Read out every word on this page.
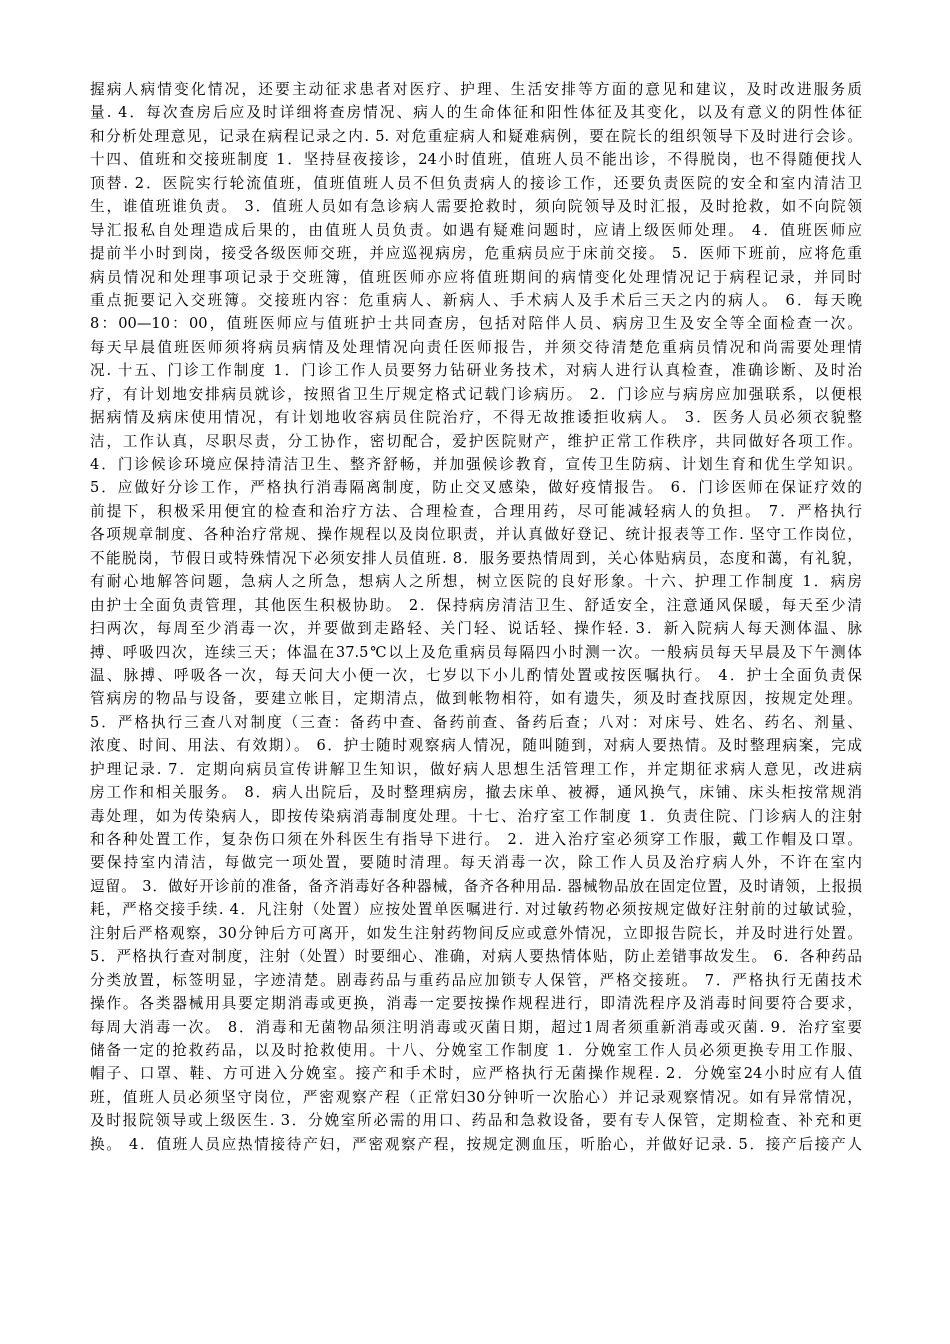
握病人病情变化情况，还要主动征求患者对医疗、护理、生活安排等方面的意见和建议，及时改进服务质
量. 4．每次查房后应及时详细将查房情况、病人的生命体征和阳性体征及其变化，以及有意义的阴性体征
和分析处理意见，记录在病程记录之内. 5. 对危重症病人和疑难病例，要在院长的组织领导下及时进行会诊。
十四、值班和交接班制度 1．坚持昼夜接诊，24小时值班，值班人员不能出诊，不得脱岗，也不得随便找人
顶替. 2．医院实行轮流值班，值班值班人员不但负责病人的接诊工作，还要负责医院的安全和室内清洁卫
生，谁值班谁负责。 3．值班人员如有急诊病人需要抢救时，须向院领导及时汇报，及时抢救，如不向院领
导汇报私自处理造成后果的，由值班人员负责。如遇有疑难问题时，应请上级医师处理。 4．值班医师应
提前半小时到岗，接受各级医师交班，并应巡视病房，危重病员应于床前交接。 5．医师下班前，应将危重
病员情况和处理事项记录于交班簿，值班医师亦应将值班期间的病情变化处理情况记于病程记录，并同时
重点扼要记入交班簿。交接班内容：危重病人、新病人、手术病人及手术后三天之内的病人。 6．每天晚
8：00—10：00，值班医师应与值班护士共同查房，包括对陪伴人员、病房卫生及安全等全面检查一次。
每天早晨值班医师须将病员病情及处理情况向责任医师报告，并须交待清楚危重病员情况和尚需要处理情
况. 十五、门诊工作制度 1．门诊工作人员要努力钻研业务技术，对病人进行认真检查，准确诊断、及时治
疗，有计划地安排病员就诊，按照省卫生厅规定格式记载门诊病历。 2．门诊应与病房应加强联系，以便根
据病情及病床使用情况，有计划地收容病员住院治疗，不得无故推诿拒收病人。 3．医务人员必须衣貌整
洁，工作认真，尽职尽责，分工协作，密切配合，爱护医院财产，维护正常工作秩序，共同做好各项工作。
4．门诊候诊环境应保持清洁卫生、整齐舒畅，并加强候诊教育，宣传卫生防病、计划生育和优生学知识。
5．应做好分诊工作，严格执行消毒隔离制度，防止交叉感染，做好疫情报告。 6．门诊医师在保证疗效的
前提下，积极采用便宜的检查和治疗方法、合理检查，合理用药，尽可能减轻病人的负担。 7．严格执行
各项规章制度、各种治疗常规、操作规程以及岗位职责，并认真做好登记、统计报表等工作. 坚守工作岗位，
不能脱岗，节假日或特殊情况下必须安排人员值班. 8．服务要热情周到，关心体贴病员，态度和蔼，有礼貌，
有耐心地解答问题，急病人之所急，想病人之所想，树立医院的良好形象。十六、护理工作制度 1．病房
由护士全面负责管理，其他医生积极协助。 2．保持病房清洁卫生、舒适安全，注意通风保暖，每天至少清
扫两次，每周至少消毒一次，并要做到走路轻、关门轻、说话轻、操作轻. 3．新入院病人每天测体温、脉
搏、呼吸四次，连续三天；体温在37.5℃以上及危重病员每隔四小时测一次。一般病员每天早晨及下午测体
温、脉搏、呼吸各一次，每天问大小便一次，七岁以下小儿酌情处置或按医嘱执行。 4．护士全面负责保
管病房的物品与设备，要建立帐目，定期清点，做到帐物相符，如有遗失，须及时查找原因，按规定处理。
5．严格执行三查八对制度（三查：备药中查、备药前查、备药后查；八对：对床号、姓名、药名、剂量、
浓度、时间、用法、有效期）。 6．护士随时观察病人情况，随叫随到，对病人要热情。及时整理病案，完成
护理记录. 7．定期向病员宣传讲解卫生知识，做好病人思想生活管理工作，并定期征求病人意见，改进病
房工作和相关服务。 8．病人出院后，及时整理病房，撤去床单、被褥，通风换气，床铺、床头柜按常规消
毒处理，如为传染病人，即按传染病消毒制度处理。十七、治疗室工作制度 1．负责住院、门诊病人的注射
和各种处置工作，复杂伤口须在外科医生有指导下进行。 2．进入治疗室必须穿工作服，戴工作帽及口罩。
要保持室内清洁，每做完一项处置，要随时清理。每天消毒一次，除工作人员及治疗病人外，不许在室内
逗留。 3．做好开诊前的准备，备齐消毒好各种器械，备齐各种用品. 器械物品放在固定位置，及时请领，上报损
耗，严格交接手续. 4．凡注射（处置）应按处置单医嘱进行. 对过敏药物必须按规定做好注射前的过敏试验，
注射后严格观察，30分钟后方可离开，如发生注射药物间反应或意外情况，立即报告院长，并及时进行处置。
5．严格执行查对制度，注射（处置）时要细心、准确，对病人要热情体贴，防止差错事故发生。 6．各种药品
分类放置，标签明显，字迹清楚。剧毒药品与重药品应加锁专人保管，严格交接班。 7．严格执行无菌技术
操作。各类器械用具要定期消毒或更换，消毒一定要按操作规程进行，即清洗程序及消毒时间要符合要求，
每周大消毒一次。 8．消毒和无菌物品须注明消毒或灭菌日期，超过1周者须重新消毒或灭菌. 9．治疗室要
储备一定的抢救药品，以及时抢救使用。十八、分娩室工作制度 1．分娩室工作人员必须更换专用工作服、
帽子、口罩、鞋、方可进入分娩室。接产和手术时，应严格执行无菌操作规程. 2．分娩室24小时应有人值
班，值班人员必须坚守岗位，严密观察产程（正常妇30分钟听一次胎心）并记录观察情况。如有异常情况，
及时报院领导或上级医生. 3．分娩室所必需的用口、药品和急救设备，要有专人保管，定期检查、补充和更
换。 4．值班人员应热情接待产妇，严密观察产程，按规定测血压，听胎心，并做好记录. 5．接产后接产人
